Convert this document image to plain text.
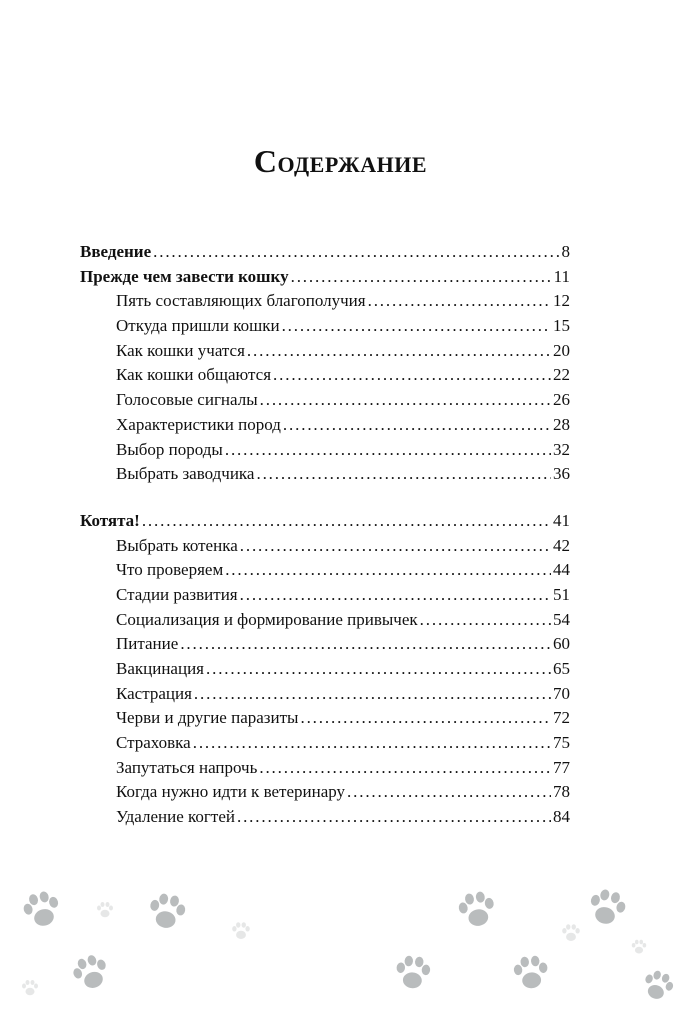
Содержание
Введение . . .	8
Прежде чем завести кошку . . .	11
Пять составляющих благополучия . . .	12
Откуда пришли кошки . . .	15
Как кошки учатся . . .	20
Как кошки общаются . . .	22
Голосовые сигналы . . .	26
Характеристики пород . . .	28
Выбор породы . . .	32
Выбрать заводчика . . .	36
Котята! . . .	41
Выбрать котенка . . .	42
Что проверяем . . .	44
Стадии развития . . .	51
Социализация и формирование привычек . . .	54
Питание . . .	60
Вакцинация . . .	65
Кастрация . . .	70
Черви и другие паразиты . . .	72
Страховка . . .	75
Запутаться напрочь . . .	77
Когда нужно идти к ветеринару . . .	78
Удаление когтей . . .	84
